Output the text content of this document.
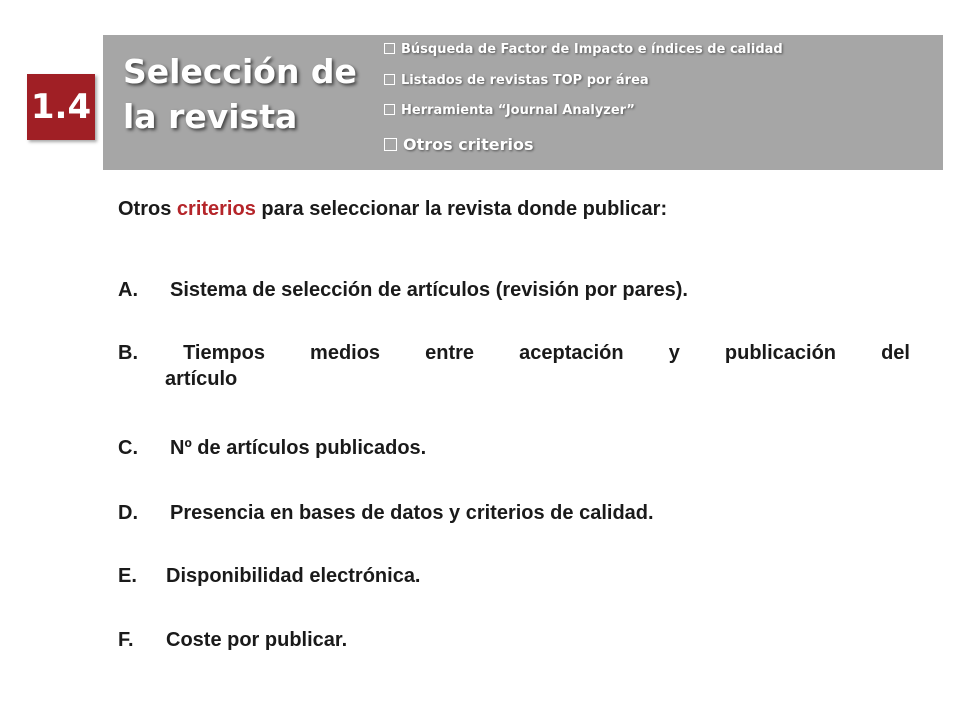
1.4
Selección de la revista
Búsqueda de Factor de Impacto e índices de calidad
Listados de revistas TOP por área
Herramienta “Journal Analyzer”
Otros criterios
Otros criterios para seleccionar la revista donde publicar:
A. Sistema de selección de artículos (revisión por pares).
B. Tiempos medios entre aceptación y publicación del
artículo
C. Nº de artículos publicados.
D. Presencia en bases de datos y criterios de calidad.
E. Disponibilidad electrónica.
F. Coste por publicar.
